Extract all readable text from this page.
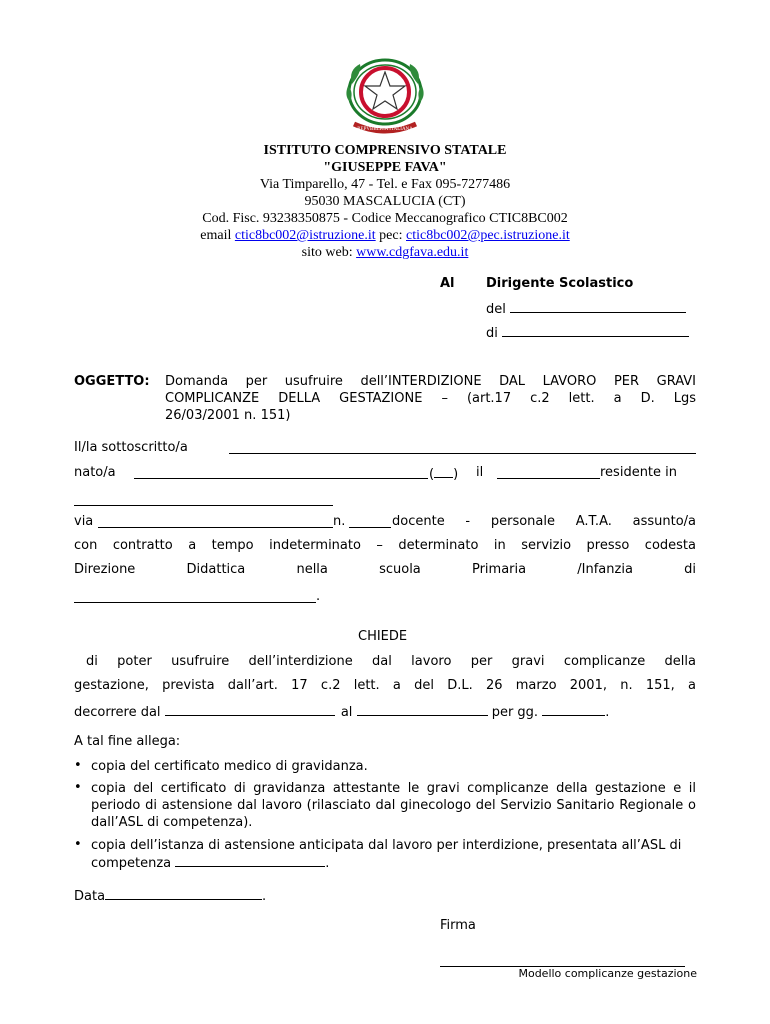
REPVBBLICA ITALIANA
ISTITUTO COMPRENSIVO STATALE
"GIUSEPPE FAVA"
Via Timparello, 47 - Tel. e Fax 095-7277486
95030 MASCALUCIA (CT)
Cod. Fisc. 93238350875 - Codice Meccanografico CTIC8BC002
email ctic8bc002@istruzione.it pec: ctic8bc002@pec.istruzione.it
sito web: www.cdgfava.edu.it
Al Dirigente Scolastico
del
di
OGGETTO: Domanda per usufruire dell’INTERDIZIONE DAL LAVORO PER GRAVI
COMPLICANZE DELLA GESTAZIONE – (art.17 c.2 lett. a D. Lgs
26/03/2001 n. 151)
Il/la sottoscritto/a
nato/a	( ) il	residente in
via	n.	docente - personale A.T.A. assunto/a
con contratto a tempo indeterminato – determinato in servizio presso codesta
Direzione	Didattica	nella	scuola	Primaria	/Infanzia	di
.
CHIEDE
di poter usufruire dell’interdizione dal lavoro per gravi complicanze della
gestazione, prevista dall’art. 17 c.2 lett. a del D.L. 26 marzo 2001, n. 151, a
decorrere dal	al	per gg.	.
A tal fine allega:
• copia del certificato medico di gravidanza.
• copia del certificato di gravidanza attestante le gravi complicanze della gestazione e il periodo di astensione dal lavoro (rilasciato dal ginecologo del Servizio Sanitario Regionale o dall’ASL di competenza).
• copia dell’istanza di astensione anticipata dal lavoro per interdizione, presentata all’ASL di competenza	.
Data	.
Firma
Modello complicanze gestazione
